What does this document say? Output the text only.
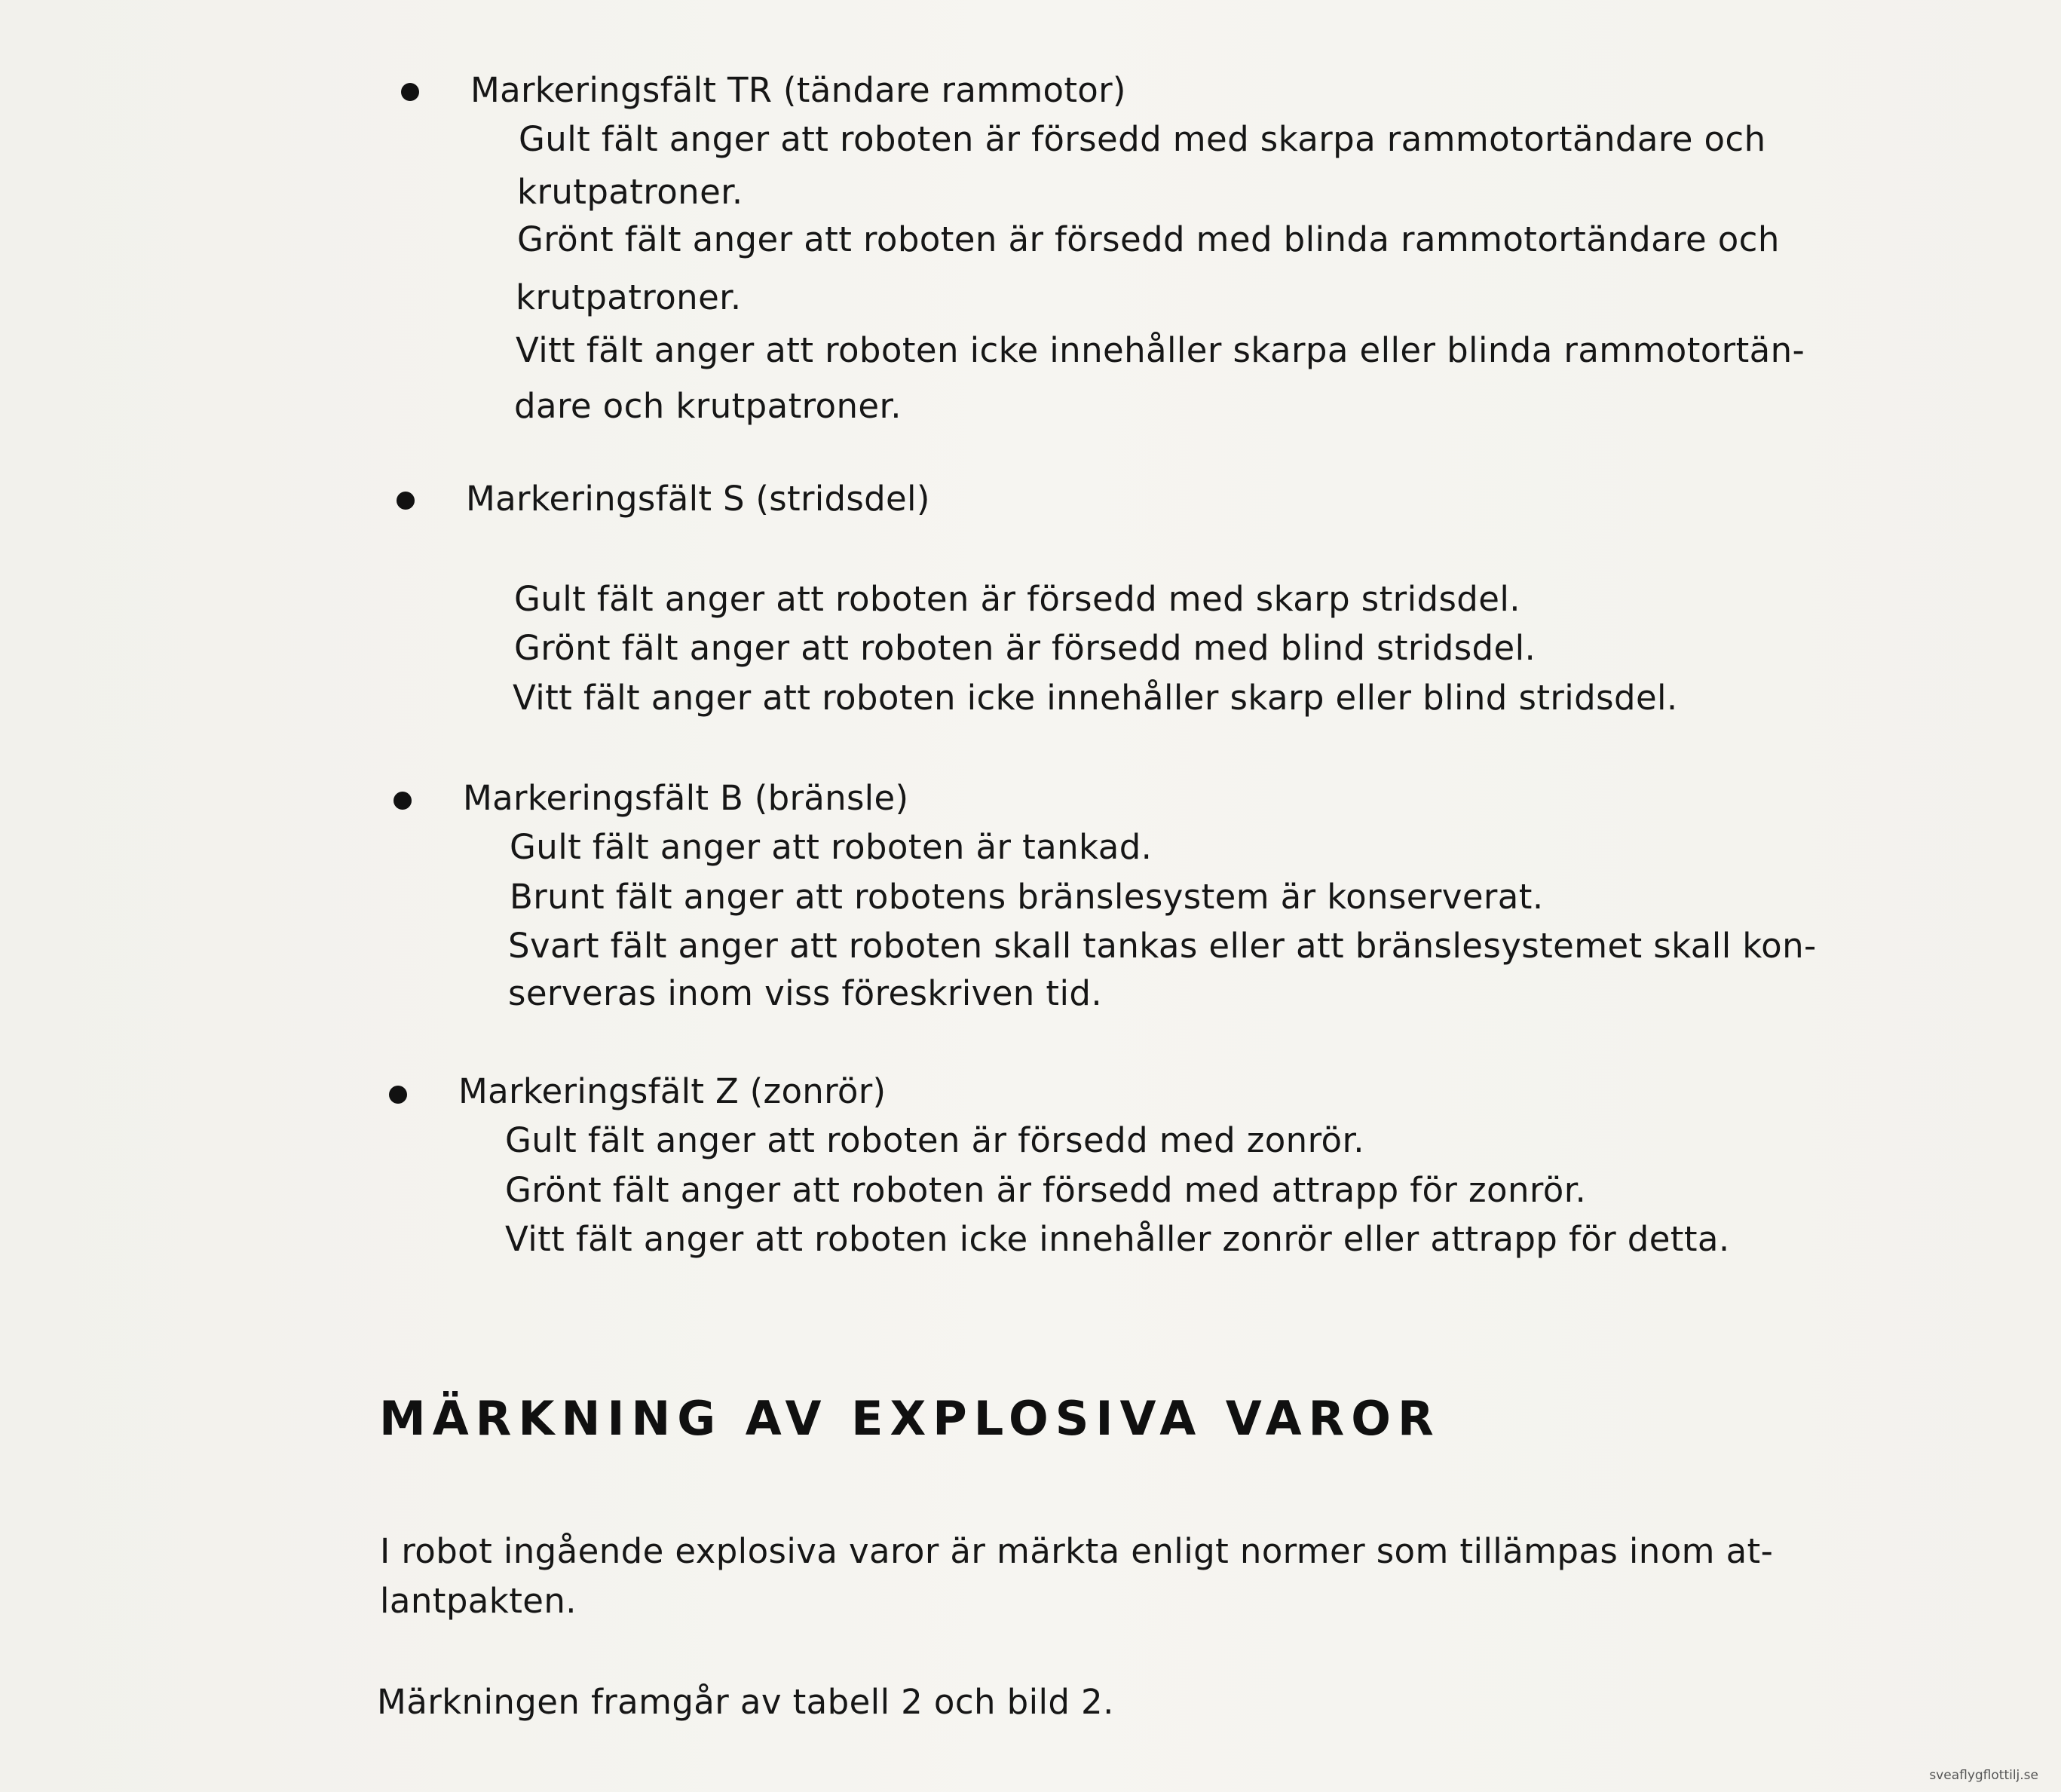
Markeringsfält TR (tändare rammotor)
Gult fält anger att roboten är försedd med skarpa rammotortändare och
krutpatroner.
Grönt fält anger att roboten är försedd med blinda rammotortändare och
krutpatroner.
Vitt fält anger att roboten icke innehåller skarpa eller blinda rammotortän-
dare och krutpatroner.
Markeringsfält S (stridsdel)
Gult fält anger att roboten är försedd med skarp stridsdel.
Grönt fält anger att roboten är försedd med blind stridsdel.
Vitt fält anger att roboten icke innehåller skarp eller blind stridsdel.
Markeringsfält B (bränsle)
Gult fält anger att roboten är tankad.
Brunt fält anger att robotens bränslesystem är konserverat.
Svart fält anger att roboten skall tankas eller att bränslesystemet skall kon-
serveras inom viss föreskriven tid.
Markeringsfält Z (zonrör)
Gult fält anger att roboten är försedd med zonrör.
Grönt fält anger att roboten är försedd med attrapp för zonrör.
Vitt fält anger att roboten icke innehåller zonrör eller attrapp för detta.
MÄRKNING AV EXPLOSIVA VAROR
I robot ingående explosiva varor är märkta enligt normer som tillämpas inom at-
lantpakten.
Märkningen framgår av tabell 2 och bild 2.
sveaflygflottilj.se
